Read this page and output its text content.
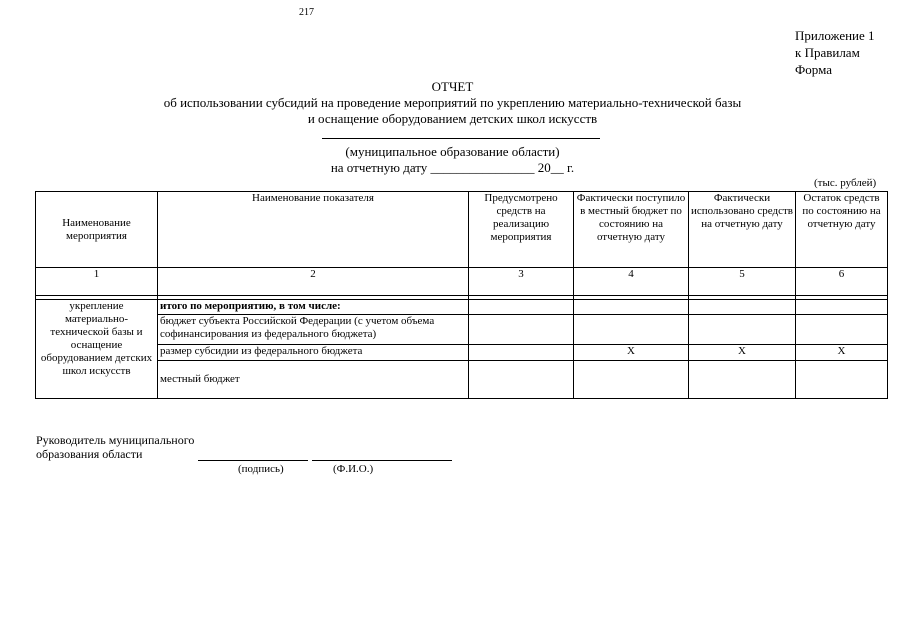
217
Приложение 1
к Правилам
Форма
ОТЧЕТ
об использовании субсидий на проведение мероприятий по укреплению материально-технической базы
и оснащение оборудованием детских школ искусств
(муниципальное образование области)
на отчетную дату ________________ 20__ г.
(тыс. рублей)
Наименование мероприятия	Наименование показателя	Предусмотрено средств на реализацию мероприятия	Фактически поступило в местный бюджет по состоянию на отчетную дату	Фактически использовано средств на отчетную дату	Остаток средств по состоянию на отчетную дату
1	2	3	4	5	6

укрепление материально-технической базы и оснащение оборудованием детских школ искусств	итого по мероприятию, в том числе:				
	бюджет субъекта Российской Федерации (с учетом объема софинансирования из федерального бюджета)				
	размер субсидии из федерального бюджета		X	X	X
	местный бюджет				
Руководитель муниципального
образования области
(подпись)	(Ф.И.О.)
